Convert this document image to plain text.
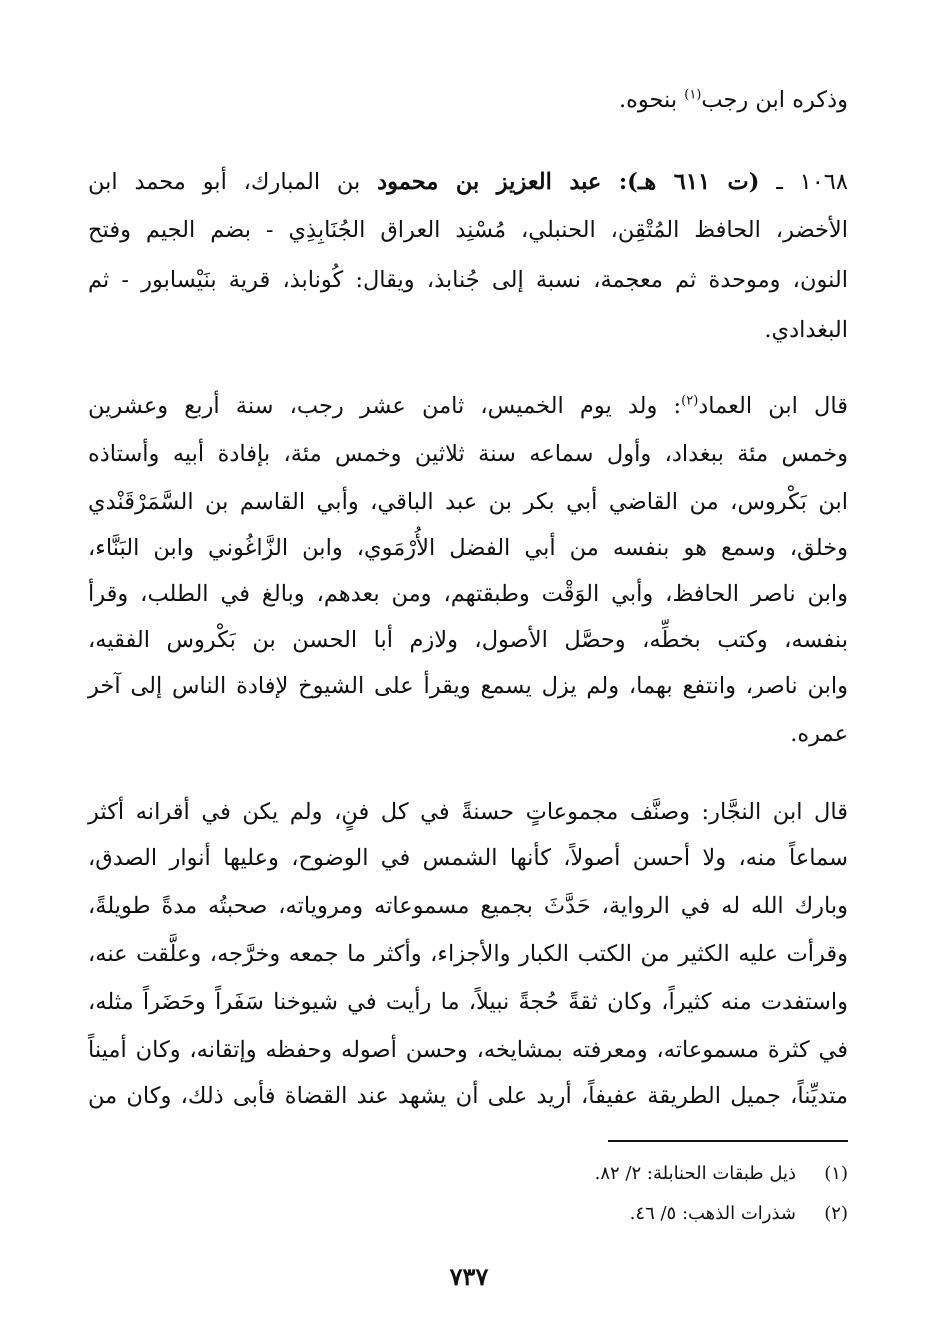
وذكره ابن رجب$^{(١)}$ بنحوه.
١٠٦٨ ـ (ت ٦١١ هـ): عبد العزيز بن محمود بن المبارك، أبو محمد ابن
الأخضر، الحافظ المُتْقِن، الحنبلي، مُسْنِد العراق الجُنَابِذِي - بضم الجيم وفتح
النون، وموحدة ثم معجمة، نسبة إلى جُنابذ، ويقال: كُونابذ، قرية بنَيْسابور - ثم
البغدادي.
قال ابن العماد$^{(٢)}$: ولد يوم الخميس، ثامن عشر رجب، سنة أربع وعشرين
وخمس مئة ببغداد، وأول سماعه سنة ثلاثين وخمس مئة، بإفادة أبيه وأستاذه
ابن بَكْروس، من القاضي أبي بكر بن عبد الباقي، وأبي القاسم بن السَّمَرْقَنْدي
وخلق، وسمع هو بنفسه من أبي الفضل الأُرْمَوي، وابن الزَّاغُوني وابن البَنَّاء،
وابن ناصر الحافظ، وأبي الوَقْت وطبقتهم، ومن بعدهم، وبالغ في الطلب، وقرأ
بنفسه، وكتب بخطِّه، وحصَّل الأصول، ولازم أبا الحسن بن بَكْروس الفقيه،
وابن ناصر، وانتفع بهما، ولم يزل يسمع ويقرأ على الشيوخ لإفادة الناس إلى آخر
عمره.
قال ابن النجَّار: وصنَّف مجموعاتٍ حسنةً في كل فنٍ، ولم يكن في أقرانه أكثر
سماعاً منه، ولا أحسن أصولاً، كأنها الشمس في الوضوح، وعليها أنوار الصدق،
وبارك الله له في الرواية، حَدَّثَ بجميع مسموعاته ومروياته، صحبتُه مدةً طويلةً،
وقرأت عليه الكثير من الكتب الكبار والأجزاء، وأكثر ما جمعه وخرَّجه، وعلَّقت عنه،
واستفدت منه كثيراً، وكان ثقةً حُجةً نبيلاً، ما رأيت في شيوخنا سَفَراً وحَضَراً مثله،
في كثرة مسموعاته، ومعرفته بمشايخه، وحسن أصوله وحفظه وإتقانه، وكان أميناً
متديِّناً، جميل الطريقة عفيفاً، أريد على أن يشهد عند القضاة فأبى ذلك، وكان من
(١)ذيل طبقات الحنابلة: ٢/ ٨٢.
(٢)شذرات الذهب: ٥/ ٤٦.
٧٣٧
